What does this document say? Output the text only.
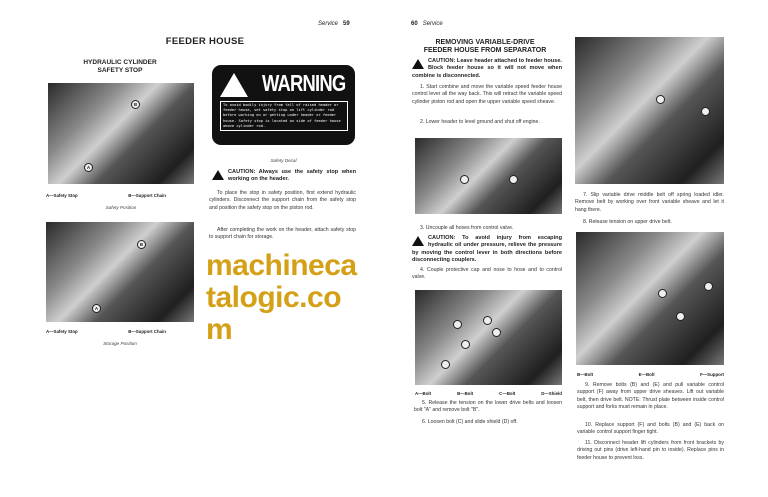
Service 59
FEEDER HOUSE
HYDRAULIC CYLINDER
SAFETY STOP
B
A
A—Safety Stop	B—Support Chain
Safety Position
B
A
A—Safety Stop	B—Support Chain
Storage Position
WARNING
To avoid bodily injury from fall of raised header or feeder house, set safety stop on lift cylinder rod before working on or getting under header or feeder house. Safety stop is located on side of feeder house above cylinder rod.
Safety Decal
CAUTION: Always use the safety stop when working on the header.
To place the stop in safety position, first extend hydraulic cylinders. Disconnect the support chain from the safety stop and position the safety stop on the piston rod.
After completing the work on the header, attach safety stop to support chain for storage.
60 Service
REMOVING VARIABLE-DRIVE
FEEDER HOUSE FROM SEPARATOR
CAUTION: Leave header attached to feeder house. Block feeder house so it will not move when combine is disconnected.
1. Start combine and move the variable speed feeder house control lever all the way back. This will retract the variable speed cylinder piston rod and open the upper variable speed sheave.
2. Lower header to level ground and shut off engine.
3. Uncouple all hoses from control valve.
CAUTION: To avoid injury from escaping hydraulic oil under pressure, relieve the pressure by moving the control lever in both directions before disconnecting couplers.
4. Couple protective cap and nose to hose and to control valve.
A—Bolt	B—Bolt	C—Bolt	D—Shield
5. Release the tension on the lower drive belts and loosen bolt "A" and remove bolt "B".
6. Loosen bolt (C) and slide shield (D) off.
7. Slip variable drive middle belt off spring loaded idler. Remove belt by working over front variable sheave and let it hang there.
8. Release tension on upper drive belt.
B—Bolt	E—Bolt	F—Support
9. Remove bolts (B) and (E) and pull variable control support (F) away from upper drive sheaves. Lift out variable belt, then drive belt. NOTE: Thrust plate between inside control support and forks must remain in place.
10. Replace support (F) and bolts (B) and (E) back on variable control support finger tight.
11. Disconnect header lift cylinders from front brackets by driving out pins (drive left-hand pin to inside). Replace pins in feeder house to prevent loss.
machinecatalogic.com
